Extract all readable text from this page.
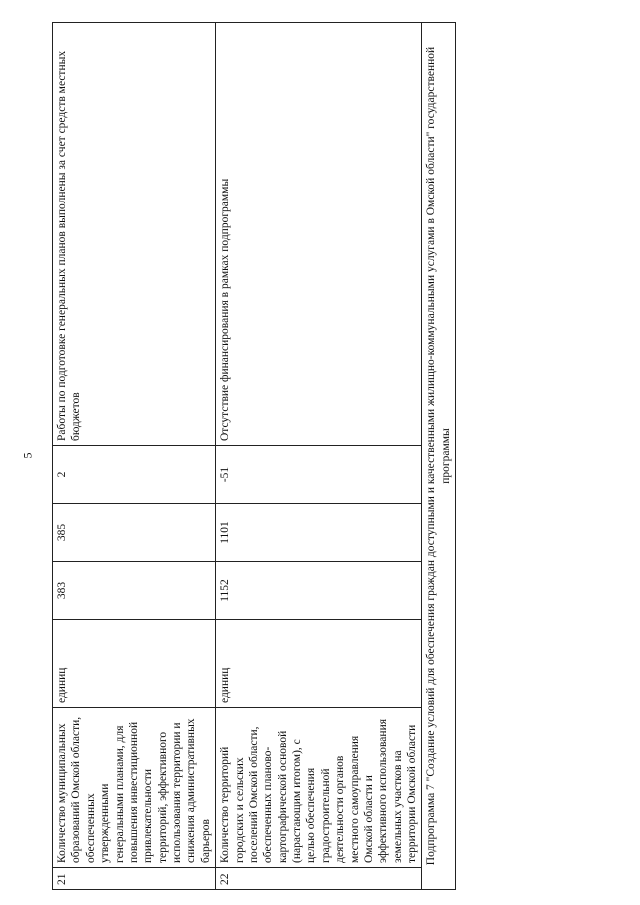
5
21	Количество муниципальных образований Омской области, обеспеченных утвержденными генеральными планами, для повышения инвестиционной привлекательности территорий, эффективного использования территории и снижения административных барьеров	единиц	383	385	2	Работы по подготовке генеральных планов выполнены за счет средств местных бюджетов
22	Количество территорий городских и сельских поселений Омской области, обеспеченных планово-картографической основой (нарастающим итогом), с целью обеспечения градостроительной деятельности органов местного самоуправления Омской области и эффективного использования земельных участков на территории Омской области	единиц	1152	1101	-51	Отсутствие финансирования в рамках подпрограммы
Подпрограмма 7 "Создание условий для обеспечения граждан доступными и качественными жилищно-коммунальными услугами в Омской области" государственной программы						
